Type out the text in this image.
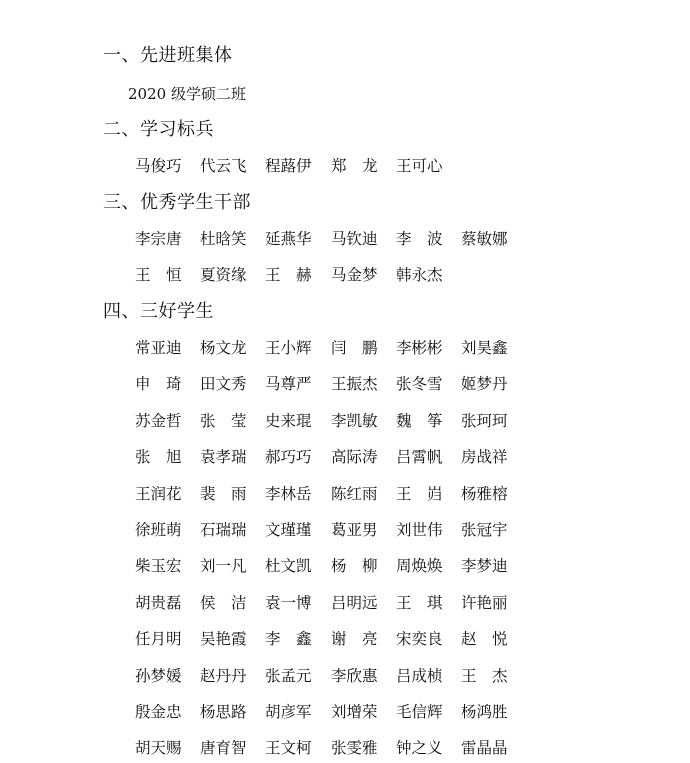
一、先进班集体
2020 级学硕二班
二、学习标兵
马俊巧	代云飞	程蕗伊	郑　龙	王可心
三、优秀学生干部
李宗唐	杜晗笑	延燕华	马钦迪	李　波	蔡敏娜
王　恒	夏资缘	王　赫	马金梦	韩永杰
四、三好学生
常亚迪	杨文龙	王小辉	闫　鹏	李彬彬	刘昊鑫
申　琦	田文秀	马尊严	王振杰	张冬雪	姬梦丹
苏金哲	张　莹	史来琨	李凯敏	魏　筝	张珂珂
张　旭	袁孝瑞	郝巧巧	高际涛	吕霄帆	房战祥
王润花	裴　雨	李林岳	陈红雨	王　岿	杨雅榕
徐班萌	石瑞瑞	文瑾瑾	葛亚男	刘世伟	张冠宇
柴玉宏	刘一凡	杜文凯	杨　柳	周焕焕	李梦迪
胡贵磊	侯　洁	袁一博	吕明远	王　琪	许艳丽
任月明	吴艳霞	李　鑫	谢　亮	宋奕良	赵　悦
孙梦媛	赵丹丹	张孟元	李欣惠	吕成桢	王　杰
殷金忠	杨思路	胡彦军	刘增荣	毛信辉	杨鸿胜
胡天赐	唐育智	王文柯	张雯雅	钟之义	雷晶晶
